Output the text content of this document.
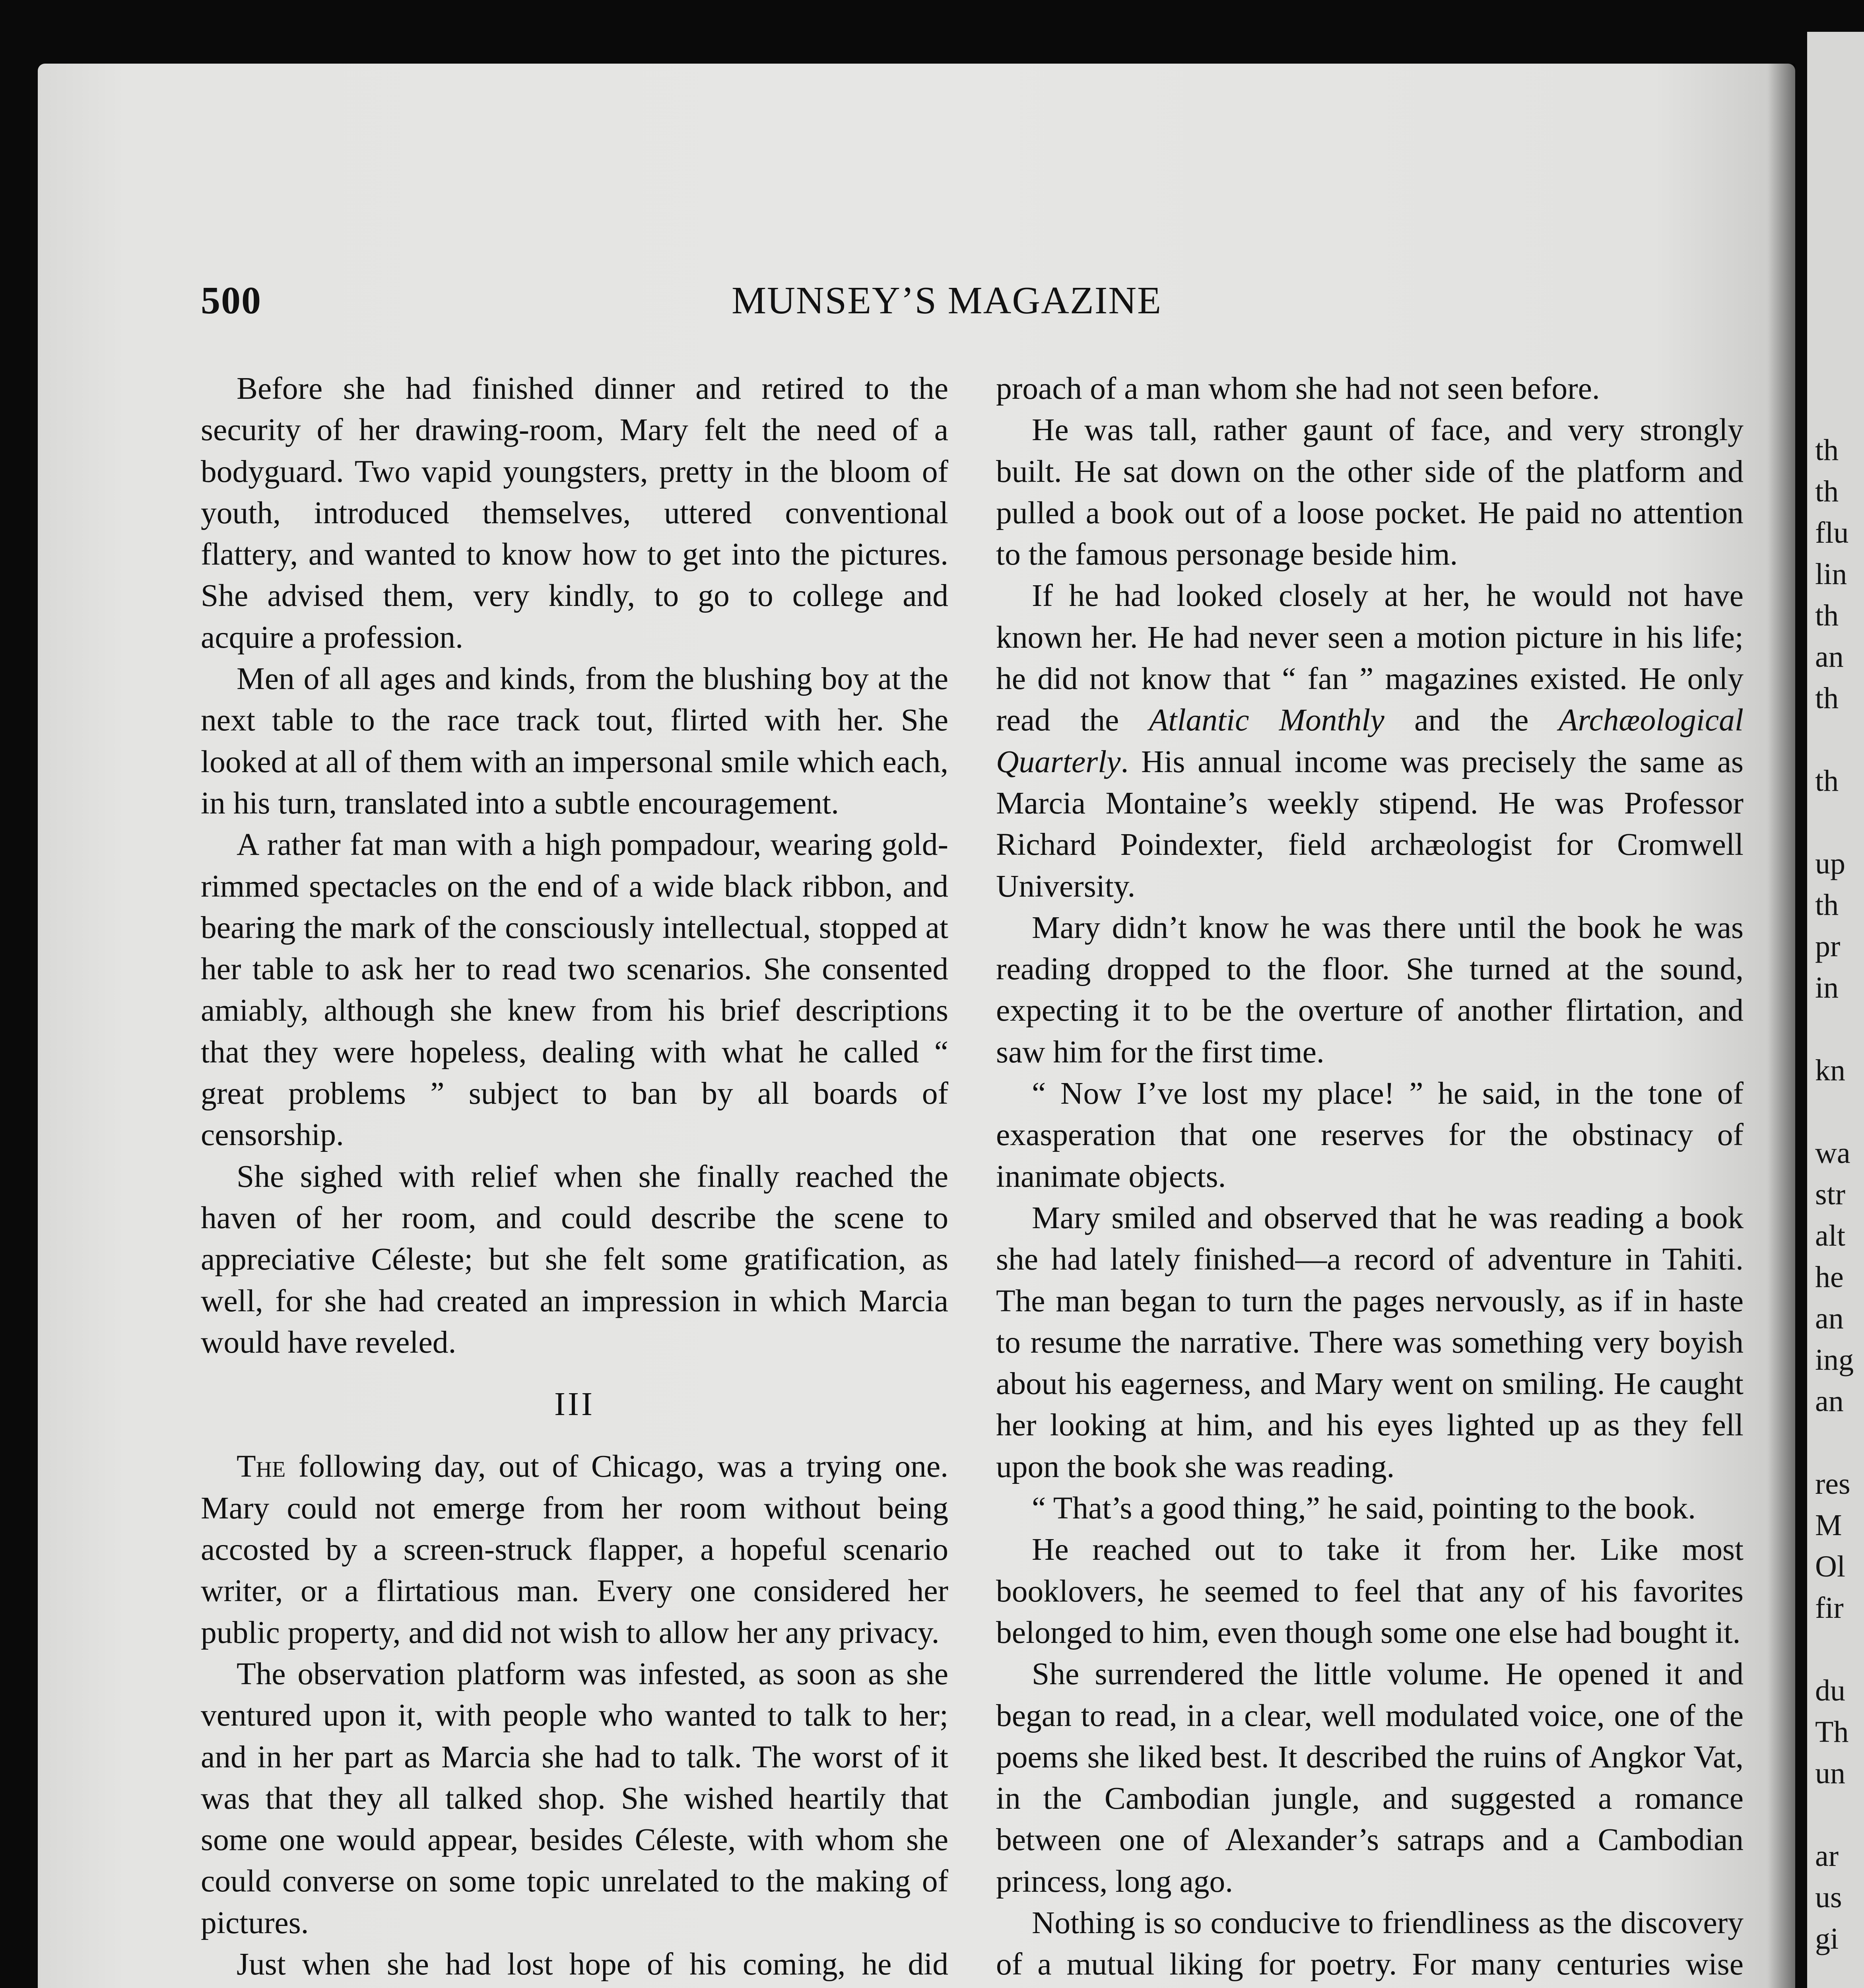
th
th
flu
lin
th
an
th

th

up
th
pr
in

kn

wa
str
alt
he
an
ing
an

res
M
Ol
fir

du
Th
un

ar
us
gi

500	MUNSEY’S MAGAZINE

Before she had finished dinner and retired to the security of her drawing-room, Mary felt the need of a bodyguard. Two vapid youngsters, pretty in the bloom of youth, introduced themselves, uttered conventional flattery, and wanted to know how to get into the pictures. She advised them, very kindly, to go to college and acquire a profession.

Men of all ages and kinds, from the blushing boy at the next table to the race track tout, flirted with her. She looked at all of them with an impersonal smile which each, in his turn, translated into a subtle encouragement.

A rather fat man with a high pompadour, wearing gold-rimmed spectacles on the end of a wide black ribbon, and bearing the mark of the consciously intellectual, stopped at her table to ask her to read two scenarios. She consented amiably, although she knew from his brief descriptions that they were hopeless, dealing with what he called “ great problems ” subject to ban by all boards of censorship.

She sighed with relief when she finally reached the haven of her room, and could describe the scene to appreciative Céleste; but she felt some gratification, as well, for she had created an impression in which Marcia would have reveled.

III

The following day, out of Chicago, was a trying one. Mary could not emerge from her room without being accosted by a screen-struck flapper, a hopeful scenario writer, or a flirtatious man. Every one considered her public property, and did not wish to allow her any privacy.

The observation platform was infested, as soon as she ventured upon it, with people who wanted to talk to her; and in her part as Marcia she had to talk. The worst of it was that they all talked shop. She wished heartily that some one would appear, besides Céleste, with whom she could converse on some topic unrelated to the making of pictures.

Just when she had lost hope of his coming, he did

proach of a man whom she had not seen before.

He was tall, rather gaunt of face, and very strongly built. He sat down on the other side of the platform and pulled a book out of a loose pocket. He paid no attention to the famous personage beside him.

If he had looked closely at her, he would not have known her. He had never seen a motion picture in his life; he did not know that “ fan ” magazines existed. He only read the Atlantic Monthly and the Archæological Quarterly. His annual income was precisely the same as Marcia Montaine’s weekly stipend. He was Professor Richard Poindexter, field archæologist for Cromwell University.

Mary didn’t know he was there until the book he was reading dropped to the floor. She turned at the sound, expecting it to be the overture of another flirtation, and saw him for the first time.

“ Now I’ve lost my place! ” he said, in the tone of exasperation that one reserves for the obstinacy of inanimate objects.

Mary smiled and observed that he was reading a book she had lately finished—a record of adventure in Tahiti. The man began to turn the pages nervously, as if in haste to resume the narrative. There was something very boyish about his eagerness, and Mary went on smiling. He caught her looking at him, and his eyes lighted up as they fell upon the book she was reading.

“ That’s a good thing,” he said, pointing to the book.

He reached out to take it from her. Like most booklovers, he seemed to feel that any of his favorites belonged to him, even though some one else had bought it.

She surrendered the little volume. He opened it and began to read, in a clear, well modulated voice, one of the poems she liked best. It described the ruins of Angkor Vat, in the Cambodian jungle, and suggested a romance between one of Alexander’s satraps and a Cambodian princess, long ago.

Nothing is so conducive to friendliness as the discovery of a mutual liking for poetry. For many centuries wise
